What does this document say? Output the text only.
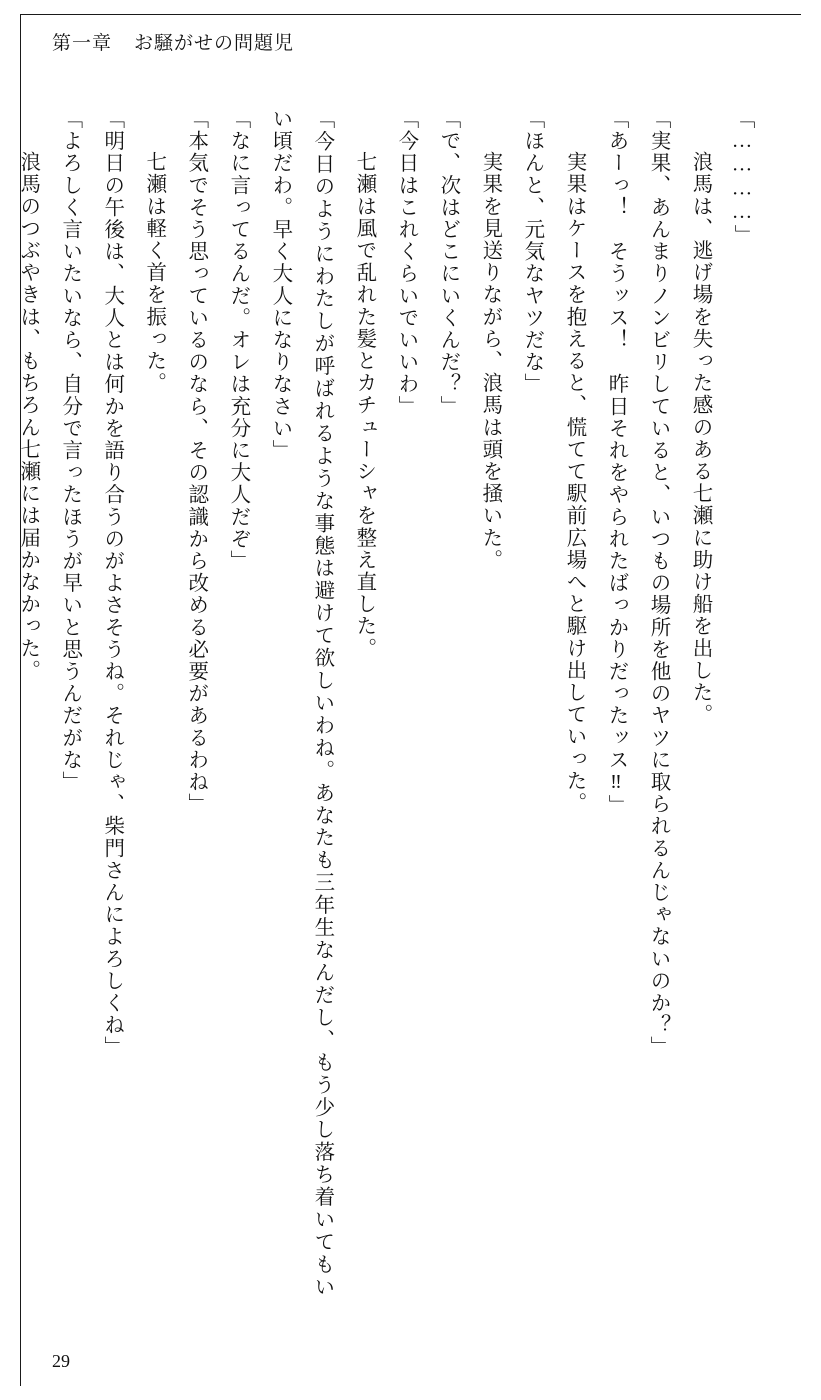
第一章 お騒がせの問題児

「…………」

　浪馬は、逃げ場を失った感のある七瀬に助け船を出した。

「実果、あんまりノンビリしていると、いつもの場所を他のヤツに取られるんじゃないのか？」

「あーっ！　そうッス！　昨日それをやられたばっかりだったッス‼」

　実果はケースを抱えると、慌てて駅前広場へと駆け出していった。

「ほんと、元気なヤツだな」

　実果を見送りながら、浪馬は頭を掻いた。

「で、次はどこにいくんだ？」

「今日はこれくらいでいいわ」

　七瀬は風で乱れた髪とカチューシャを整え直した。

「今日のようにわたしが呼ばれるような事態は避けて欲しいわね。あなたも三年生なんだし、もう少し落ち着いてもいい頃だわ。早く大人になりなさい」

「なに言ってるんだ。オレは充分に大人だぞ」

「本気でそう思っているのなら、その認識から改める必要があるわね」

　七瀬は軽く首を振った。

「明日の午後は、大人とは何かを語り合うのがよさそうね。それじゃ、柴門さんによろしくね」

「よろしく言いたいなら、自分で言ったほうが早いと思うんだがな」

　浪馬のつぶやきは、もちろん七瀬には届かなかった。

29
